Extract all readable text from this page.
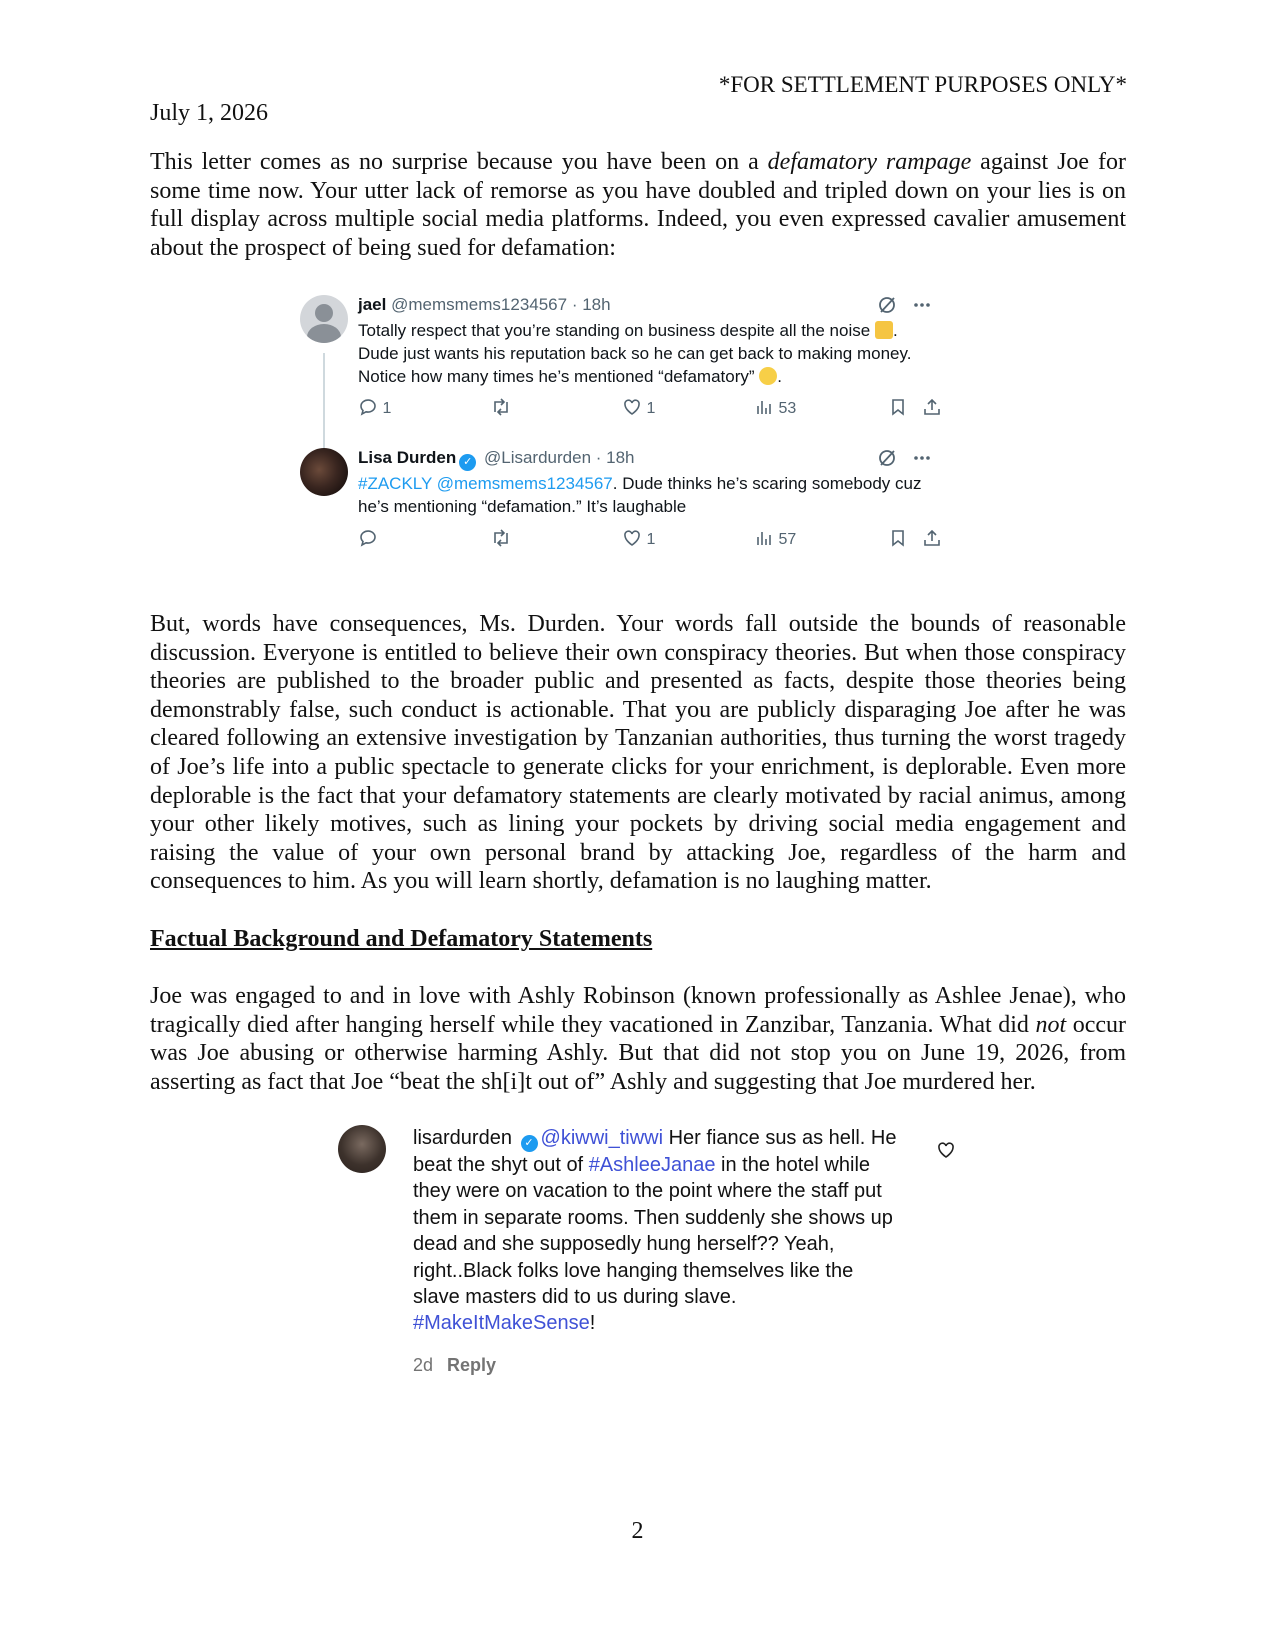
*FOR SETTLEMENT PURPOSES ONLY*
July 1, 2026

This letter comes as no surprise because you have been on a defamatory rampage against Joe for some time now. Your utter lack of remorse as you have doubled and tripled down on your lies is on full display across multiple social media platforms. Indeed, you even expressed cavalier amusement about the prospect of being sued for defamation:

jael @memsmems1234567 · 18h

Totally respect that you’re standing on business despite all the noise .
Dude just wants his reputation back so he can get back to making money.
Notice how many times he’s mentioned “defamatory” .
1	1	53
Lisa Durden ✓ @Lisardurden · 18h

#ZACKLY @memsmems1234567. Dude thinks he’s scaring somebody cuz
he’s mentioning “defamation.” It’s laughable
1	57

But, words have consequences, Ms. Durden. Your words fall outside the bounds of reasonable discussion. Everyone is entitled to believe their own conspiracy theories. But when those conspiracy theories are published to the broader public and presented as facts, despite those theories being demonstrably false, such conduct is actionable. That you are publicly disparaging Joe after he was cleared following an extensive investigation by Tanzanian authorities, thus turning the worst tragedy of Joe’s life into a public spectacle to generate clicks for your enrichment, is deplorable. Even more deplorable is the fact that your defamatory statements are clearly motivated by racial animus, among your other likely motives, such as lining your pockets by driving social media engagement and raising the value of your own personal brand by attacking Joe, regardless of the harm and consequences to him. As you will learn shortly, defamation is no laughing matter.

Factual Background and Defamatory Statements

Joe was engaged to and in love with Ashly Robinson (known professionally as Ashlee Jenae), who tragically died after hanging herself while they vacationed in Zanzibar, Tanzania. What did not occur was Joe abusing or otherwise harming Ashly. But that did not stop you on June 19, 2026, from asserting as fact that Joe “beat the sh[i]t out of” Ashly and suggesting that Joe murdered her.

lisardurden ✓ @kiwwi_tiwwi Her fiance sus as hell. He beat the shyt out of #AshleeJanae in the hotel while they were on vacation to the point where the staff put them in separate rooms. Then suddenly she shows up dead and she supposedly hung herself?? Yeah, right..Black folks love hanging themselves like the slave masters did to us during slave. #MakeItMakeSense!
2d Reply
2
